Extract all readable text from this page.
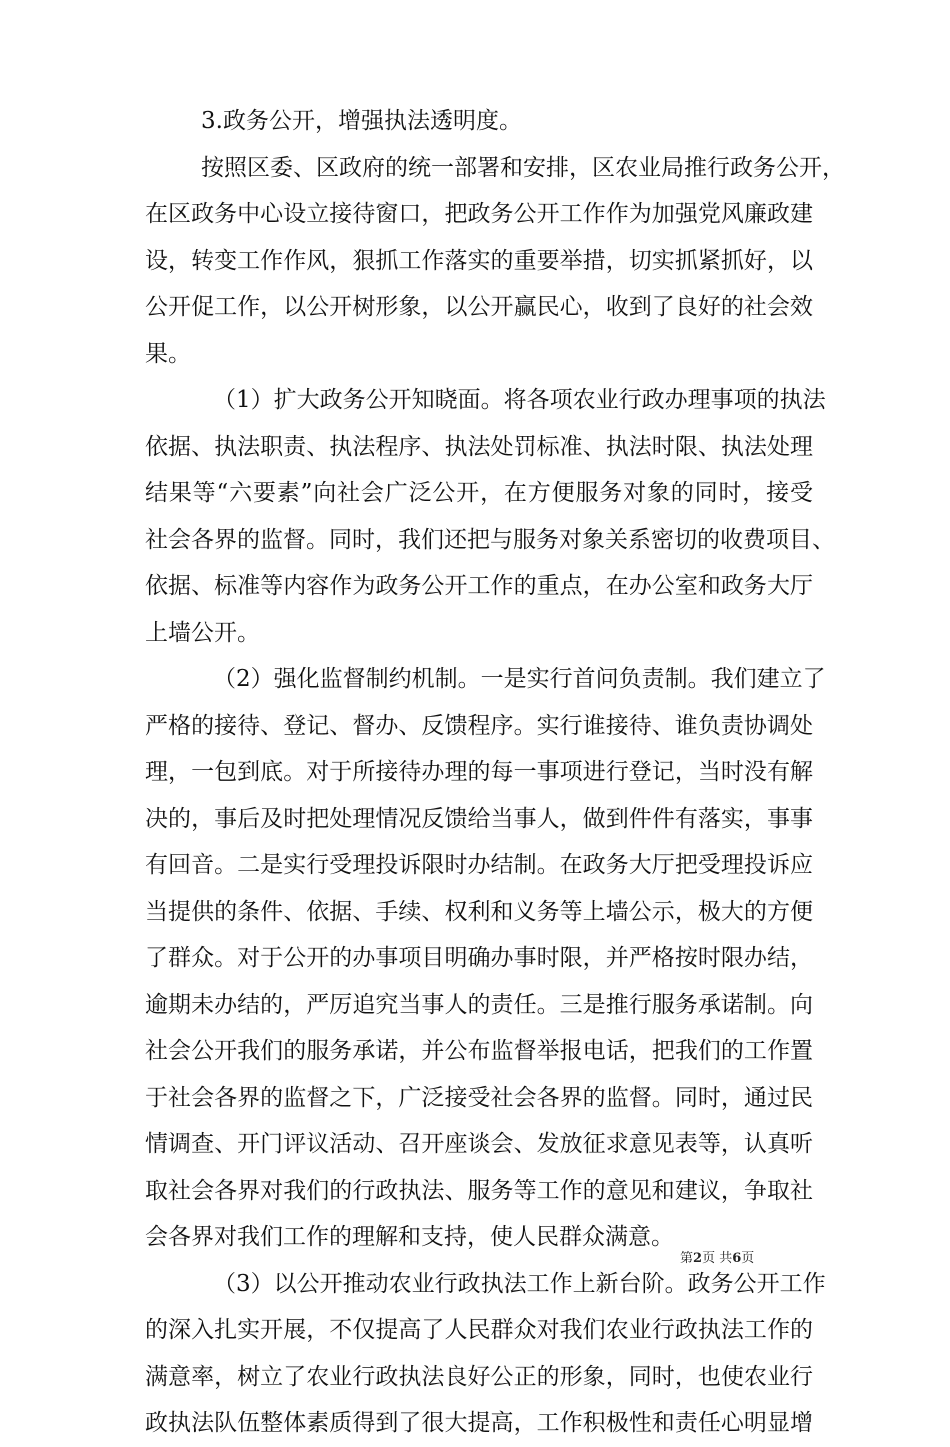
3.政务公开，增强执法透明度。

按照区委、区政府的统一部署和安排，区农业局推行政务公开，
在区政务中心设立接待窗口，把政务公开工作作为加强党风廉政建
设，转变工作作风，狠抓工作落实的重要举措，切实抓紧抓好，以
公开促工作，以公开树形象，以公开赢民心，收到了良好的社会效
果。

（1）扩大政务公开知晓面。将各项农业行政办理事项的执法
依据、执法职责、执法程序、执法处罚标准、执法时限、执法处理
结果等“六要素”向社会广泛公开，在方便服务对象的同时，接受
社会各界的监督。同时，我们还把与服务对象关系密切的收费项目、
依据、标准等内容作为政务公开工作的重点，在办公室和政务大厅
上墙公开。

（2）强化监督制约机制。一是实行首问负责制。我们建立了
严格的接待、登记、督办、反馈程序。实行谁接待、谁负责协调处
理，一包到底。对于所接待办理的每一事项进行登记，当时没有解
决的，事后及时把处理情况反馈给当事人，做到件件有落实，事事
有回音。二是实行受理投诉限时办结制。在政务大厅把受理投诉应
当提供的条件、依据、手续、权利和义务等上墙公示，极大的方便
了群众。对于公开的办事项目明确办事时限，并严格按时限办结，
逾期未办结的，严厉追究当事人的责任。三是推行服务承诺制。向
社会公开我们的服务承诺，并公布监督举报电话，把我们的工作置
于社会各界的监督之下，广泛接受社会各界的监督。同时，通过民
情调查、开门评议活动、召开座谈会、发放征求意见表等，认真听
取社会各界对我们的行政执法、服务等工作的意见和建议，争取社
会各界对我们工作的理解和支持，使人民群众满意。

（3）以公开推动农业行政执法工作上新台阶。政务公开工作
的深入扎实开展，不仅提高了人民群众对我们农业行政执法工作的
满意率，树立了农业行政执法良好公正的形象，同时，也使农业行
政执法队伍整体素质得到了很大提高，工作积极性和责任心明显增

第2页 共6页
